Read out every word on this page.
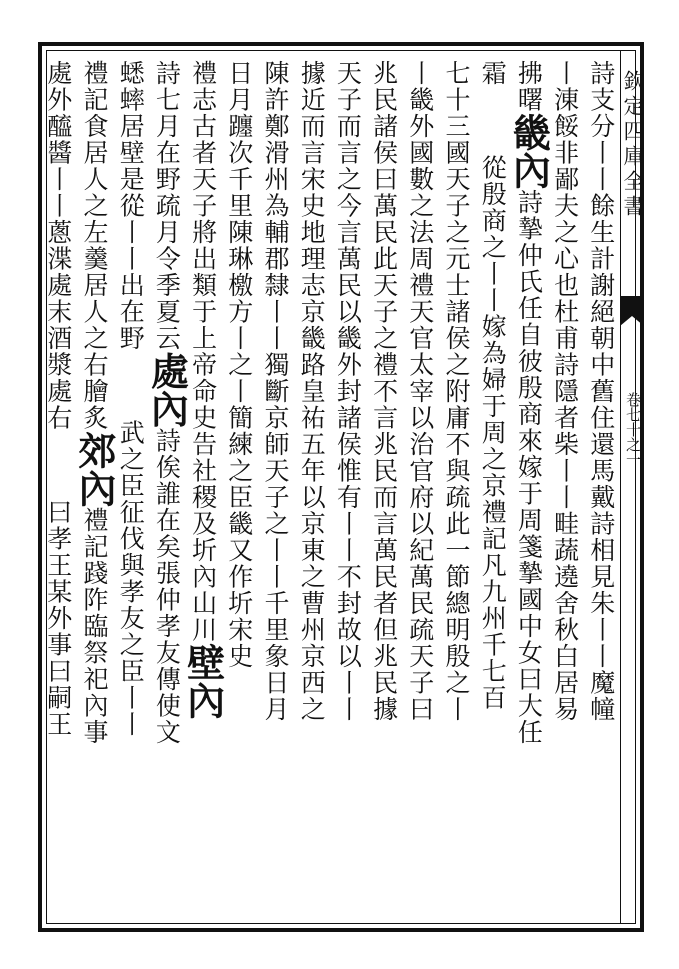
欽定四庫全書
卷七十之一
詩支分丨丨餘生計謝絕朝中舊住還馬戴詩相見朱丨丨魔幢
丨涷餒非鄙夫之心也杜甫詩隱者柴丨丨畦蔬遶舍秋白居易
拂曙畿內詩摯仲氏任自彼殷商來嫁于周箋摯國中女曰大任
霜　　　　從殷商之丨丨嫁為婦于周之京禮記凡九州千七百
七十三國天子之元士諸侯之附庸不與疏此一節總明殷之丨
丨畿外國數之法周禮天官太宰以治官府以紀萬民疏天子曰
兆民諸侯曰萬民此天子之禮不言兆民而言萬民者但兆民據
天子而言之今言萬民以畿外封諸侯惟有丨丨不封故以丨丨
據近而言宋史地理志京畿路皇祐五年以京東之曹州京西之
陳許鄭滑州為輔郡隸丨丨獨斷京師天子之丨丨千里象日月
日月躔次千里陳琳檄方丨之丨簡練之臣畿又作圻宋史
禮志古者天子將出類于上帝命史告社稷及圻內山川壁內
詩七月在野疏月令季夏云處內詩俟誰在矣張仲孝友傳使文
蟋蟀居壁是從丨丨出在野　　　　武之臣征伐與孝友之臣丨丨
禮記食居人之左羹居人之右膾炙郊內禮記踐阼臨祭祀內事
處外醯醬丨丨蔥渫處末酒漿處右　　　　曰孝王某外事曰嗣王
